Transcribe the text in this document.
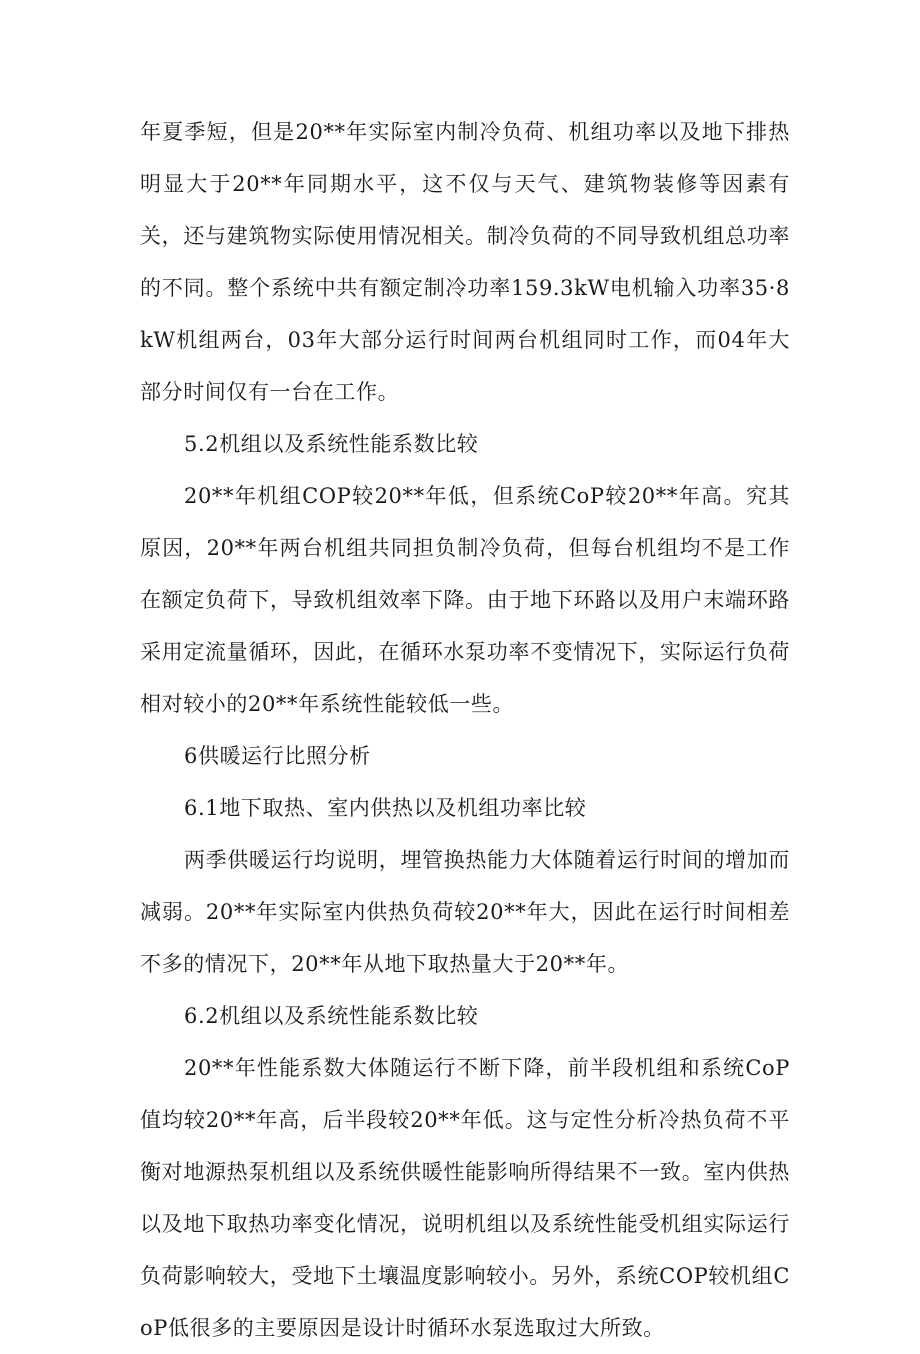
年夏季短，但是20**年实际室内制冷负荷、机组功率以及地下排热明显大于20**年同期水平，这不仅与天气、建筑物装修等因素有关，还与建筑物实际使用情况相关。制冷负荷的不同导致机组总功率的不同。整个系统中共有额定制冷功率159.3kW电机输入功率35·8kW机组两台，03年大部分运行时间两台机组同时工作，而04年大部分时间仅有一台在工作。

5.2机组以及系统性能系数比较

20**年机组COP较20**年低，但系统CoP较20**年高。究其原因，20**年两台机组共同担负制冷负荷，但每台机组均不是工作在额定负荷下，导致机组效率下降。由于地下环路以及用户末端环路采用定流量循环，因此，在循环水泵功率不变情况下，实际运行负荷相对较小的20**年系统性能较低一些。

6供暖运行比照分析

6.1地下取热、室内供热以及机组功率比较

两季供暖运行均说明，埋管换热能力大体随着运行时间的增加而减弱。20**年实际室内供热负荷较20**年大，因此在运行时间相差不多的情况下，20**年从地下取热量大于20**年。

6.2机组以及系统性能系数比较

20**年性能系数大体随运行不断下降，前半段机组和系统CoP值均较20**年高，后半段较20**年低。这与定性分析冷热负荷不平衡对地源热泵机组以及系统供暖性能影响所得结果不一致。室内供热以及地下取热功率变化情况，说明机组以及系统性能受机组实际运行负荷影响较大，受地下土壤温度影响较小。另外，系统COP较机组CoP低很多的主要原因是设计时循环水泵选取过大所致。
